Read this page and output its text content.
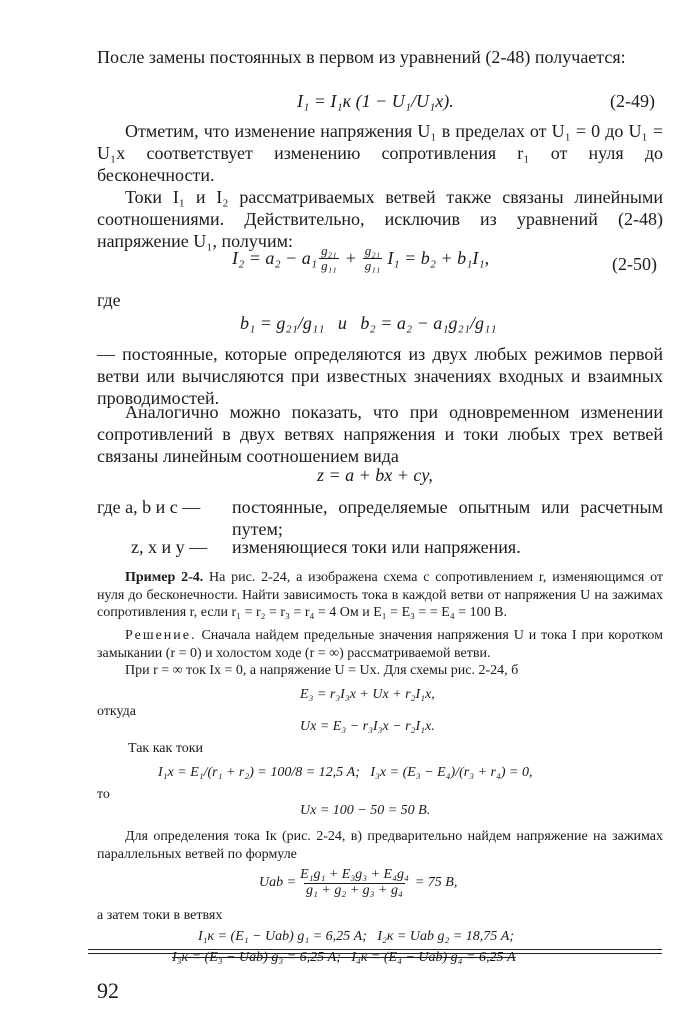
После замены постоянных в первом из уравнений (2-48) получается:
I₁ = I₁к (1 − U₁/U₁х).	(2-49)
Отметим, что изменение напряжения U₁ в пределах от U₁ = 0 до U₁ = U₁х соответствует изменению сопротивления r₁ от нуля до бесконечности.
Токи I₁ и I₂ рассматриваемых ветвей также связаны линейными соотношениями. Действительно, исключив из уравнений (2-48) напряжение U₁, получим:
$I_2 = a_2 - a_1 \frac{\text{g₂₁}}{\text{g₁₁}} + \frac{\text{g₂₁}}{\text{g₁₁}} I_1 = b_2 + b_1I_1$,	(2-50)
где
b₁ = g₂₁/g₁₁   и   b₂ = a₂ − a₁g₂₁/g₁₁
— постоянные, которые определяются из двух любых режимов первой ветви или вычисляются при известных значениях входных и взаимных проводимостей.
Аналогично можно показать, что при одновременном изменении сопротивлений в двух ветвях напряжения и токи любых трех ветвей связаны линейным соотношением вида
z = a + bx + cy,
где a, b и c — постоянные, определяемые опытным или расчетным путем;
z, x и y — изменяющиеся токи или напряжения.
Пример 2-4. На рис. 2-24, а изображена схема с сопротивлением r, изменяющимся от нуля до бесконечности. Найти зависимость тока в каждой ветви от напряжения U на зажимах сопротивления r, если r₁ = r₂ = r₃ = r₄ = 4 Ом и E₁ = E₃ = = E₄ = 100 В.
Решение. Сначала найдем предельные значения напряжения U и тока I при коротком замыкании (r = 0) и холостом ходе (r = ∞) рассматриваемой ветви.
При r = ∞ ток Iх = 0, а напряжение U = Uх. Для схемы рис. 2-24, б
E₃ = r₃I₃х + Uх + r₂I₁х,
откуда
Uх = E₃ − r₃I₃х − r₂I₁х.
Так как токи
I₁х = E₁/(r₁ + r₂) = 100/8 = 12,5 А;   I₃х = (E₃ − E₄)/(r₃ + r₄) = 0,
то
Uх = 100 − 50 = 50 В.
Для определения тока Iк (рис. 2-24, в) предварительно найдем напряжение на зажимах параллельных ветвей по формуле
Uab = $\frac{\text{E₁g₁ + E₃g₃ + E₄g₄}}{\text{g₁ + g₂ + g₃ + g₄}} = 75$ В,
а затем токи в ветвях
I₁к = (E₁ − Uab) g₁ = 6,25 А;   I₂к = Uab g₂ = 18,75 А;
I₃к = (E₃ − Uab) g₃ = 6,25 А;   I₄к = (E₄ − Uab) g₄ = 6,25 А
92
